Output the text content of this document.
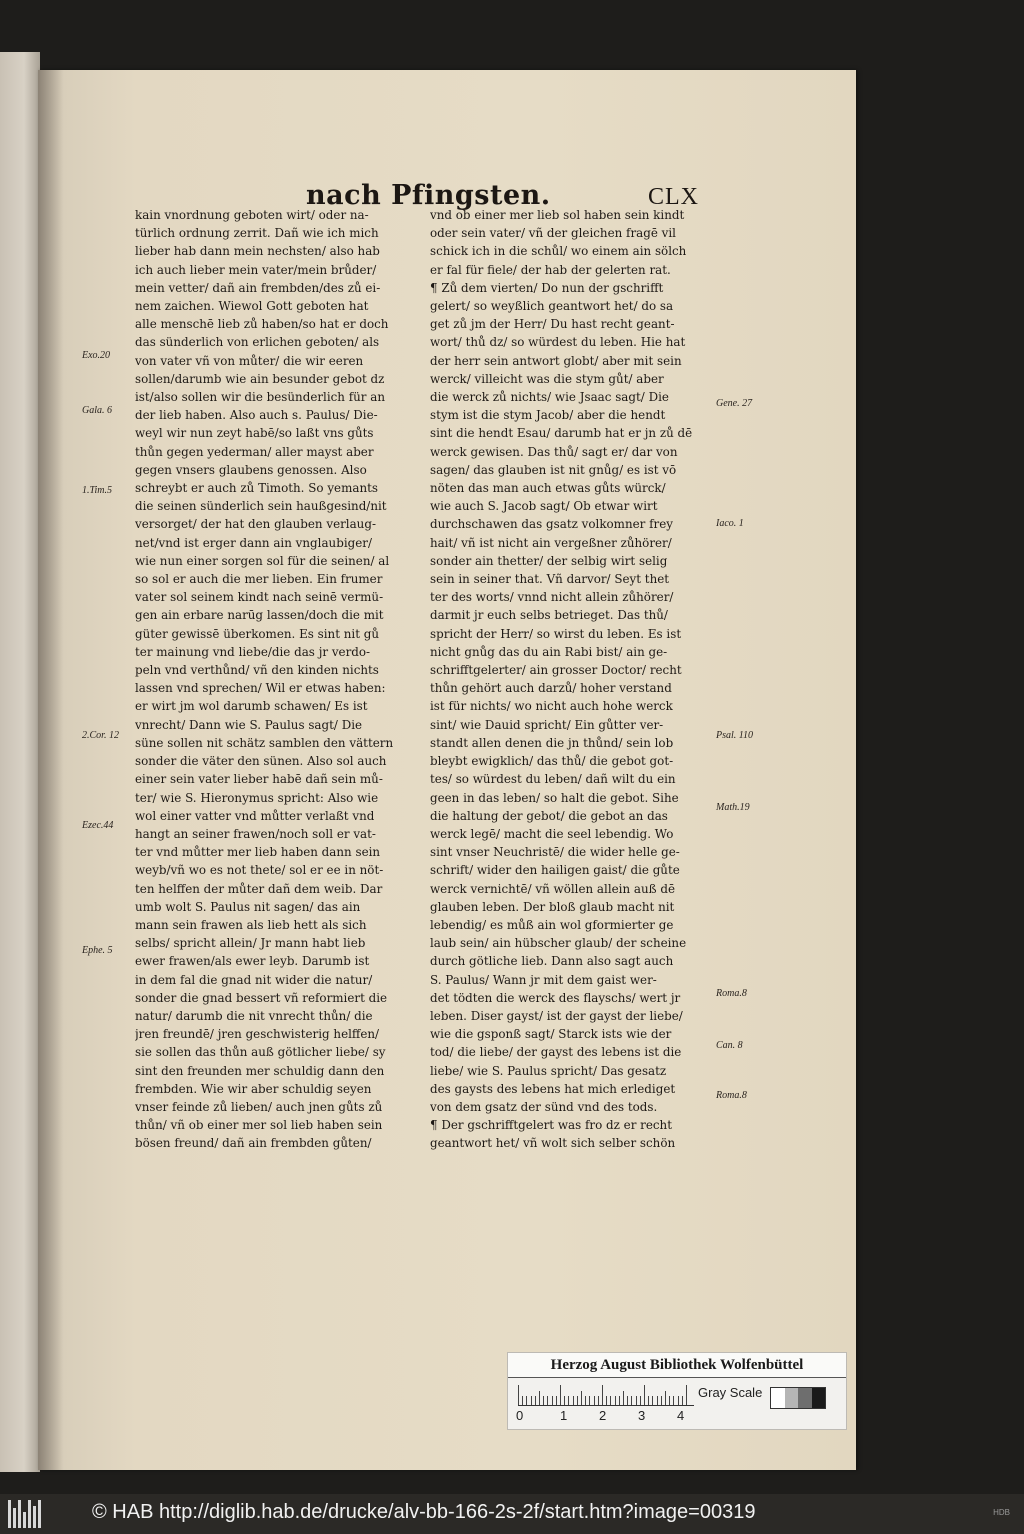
nach Pfingsten.	CLX
kain vnordnung geboten wirt/ oder na-
türlich ordnung zerrit. Dañ wie ich mich
lieber hab dann mein nechsten/ also hab
ich auch lieber mein vater/mein brůder/
mein vetter/ dañ ain frembden/des zů ei-
nem zaichen. Wiewol Gott geboten hat
alle menschē lieb zů haben/so hat er doch
das sünderlich von erlichen geboten/ als
von vater vñ von můter/ die wir eeren
sollen/darumb wie ain besunder gebot dz
ist/also sollen wir die besünderlich für an
der lieb haben. Also auch s. Paulus/ Die-
weyl wir nun zeyt habē/so laßt vns gůts
thůn gegen yederman/ aller mayst aber
gegen vnsers glaubens genossen. Also
schreybt er auch zů Timoth. So yemants
die seinen sünderlich sein haußgesind/nit
versorget/ der hat den glauben verlaug-
net/vnd ist erger dann ain vnglaubiger/
wie nun einer sorgen sol für die seinen/ al
so sol er auch die mer lieben. Ein frumer
vater sol seinem kindt nach seinē vermü-
gen ain erbare narūg lassen/doch die mit
güter gewissē überkomen. Es sint nit gů
ter mainung vnd liebe/die das jr verdo-
peln vnd verthůnd/ vñ den kinden nichts
lassen vnd sprechen/ Wil er etwas haben:
er wirt jm wol darumb schawen/ Es ist
vnrecht/ Dann wie S. Paulus sagt/ Die
süne sollen nit schätz samblen den vättern
sonder die väter den sünen. Also sol auch
einer sein vater lieber habē dañ sein mů-
ter/ wie S. Hieronymus spricht: Also wie
wol einer vatter vnd můtter verlaßt vnd
hangt an seiner frawen/noch soll er vat-
ter vnd můtter mer lieb haben dann sein
weyb/vñ wo es not thete/ sol er ee in nöt-
ten helffen der můter dañ dem weib. Dar
umb wolt S. Paulus nit sagen/ das ain
mann sein frawen als lieb hett als sich
selbs/ spricht allein/ Jr mann habt lieb
ewer frawen/als ewer leyb. Darumb ist
in dem fal die gnad nit wider die natur/
sonder die gnad bessert vñ reformiert die
natur/ darumb die nit vnrecht thůn/ die
jren freundē/ jren geschwisterig helffen/
sie sollen das thůn auß götlicher liebe/ sy
sint den freunden mer schuldig dann den
frembden. Wie wir aber schuldig seyen
vnser feinde zů lieben/ auch jnen gůts zů
thůn/ vñ ob einer mer sol lieb haben sein
bösen freund/ dañ ain frembden gůten/
vnd ob einer mer lieb sol haben sein kindt
oder sein vater/ vñ der gleichen fragē vil
schick ich in die schůl/ wo einem ain sölch
er fal für fiele/ der hab der gelerten rat.
¶ Zů dem vierten/ Do nun der gschrifft
gelert/ so weyßlich geantwort het/ do sa
get zů jm der Herr/ Du hast recht geant-
wort/ thů dz/ so würdest du leben. Hie hat
der herr sein antwort globt/ aber mit sein
werck/ villeicht was die stym gůt/ aber
die werck zů nichts/ wie Jsaac sagt/ Die
stym ist die stym Jacob/ aber die hendt
sint die hendt Esau/ darumb hat er jn zů dē
werck gewisen. Das thů/ sagt er/ dar von
sagen/ das glauben ist nit gnůg/ es ist vō
nöten das man auch etwas gůts würck/
wie auch S. Jacob sagt/ Ob etwar wirt
durchschawen das gsatz volkomner frey
hait/ vñ ist nicht ain vergeßner zůhörer/
sonder ain thetter/ der selbig wirt selig
sein in seiner that. Vñ darvor/ Seyt thet
ter des worts/ vnnd nicht allein zůhörer/
darmit jr euch selbs betrieget. Das thů/
spricht der Herr/ so wirst du leben. Es ist
nicht gnůg das du ain Rabi bist/ ain ge-
schrifftgelerter/ ain grosser Doctor/ recht
thůn gehört auch darzů/ hoher verstand
ist für nichts/ wo nicht auch hohe werck
sint/ wie Dauid spricht/ Ein gůtter ver-
standt allen denen die jn thůnd/ sein lob
bleybt ewigklich/ das thů/ die gebot got-
tes/ so würdest du leben/ dañ wilt du ein
geen in das leben/ so halt die gebot. Sihe
die haltung der gebot/ die gebot an das
werck legē/ macht die seel lebendig. Wo
sint vnser Neuchristē/ die wider helle ge-
schrift/ wider den hailigen gaist/ die gůte
werck vernichtē/ vñ wöllen allein auß dē
glauben leben. Der bloß glaub macht nit
lebendig/ es můß ain wol gformierter ge
laub sein/ ain hübscher glaub/ der scheine
durch götliche lieb. Dann also sagt auch
S. Paulus/ Wann jr mit dem gaist wer-
det tödten die werck des flayschs/ wert jr
leben. Diser gayst/ ist der gayst der liebe/
wie die gsponß sagt/ Starck ists wie der
tod/ die liebe/ der gayst des lebens ist die
liebe/ wie S. Paulus spricht/ Das gesatz
des gaysts des lebens hat mich erlediget
von dem gsatz der sünd vnd des tods.
¶ Der gschrifftgelert was fro dz er recht
geantwort het/ vñ wolt sich selber schön
Exo.20
Gala. 6
1.Tim.5
2.Cor. 12
Ezec.44
Ephe. 5
Gene. 27
Iaco. 1
Psal. 110
Math.19
Roma.8
Can. 8
Roma.8
Herzog August Bibliothek Wolfenbüttel
0	1 2 3 4
Gray Scale
© HAB http://diglib.hab.de/drucke/alv-bb-166-2s-2f/start.htm?image=00319	HDB
